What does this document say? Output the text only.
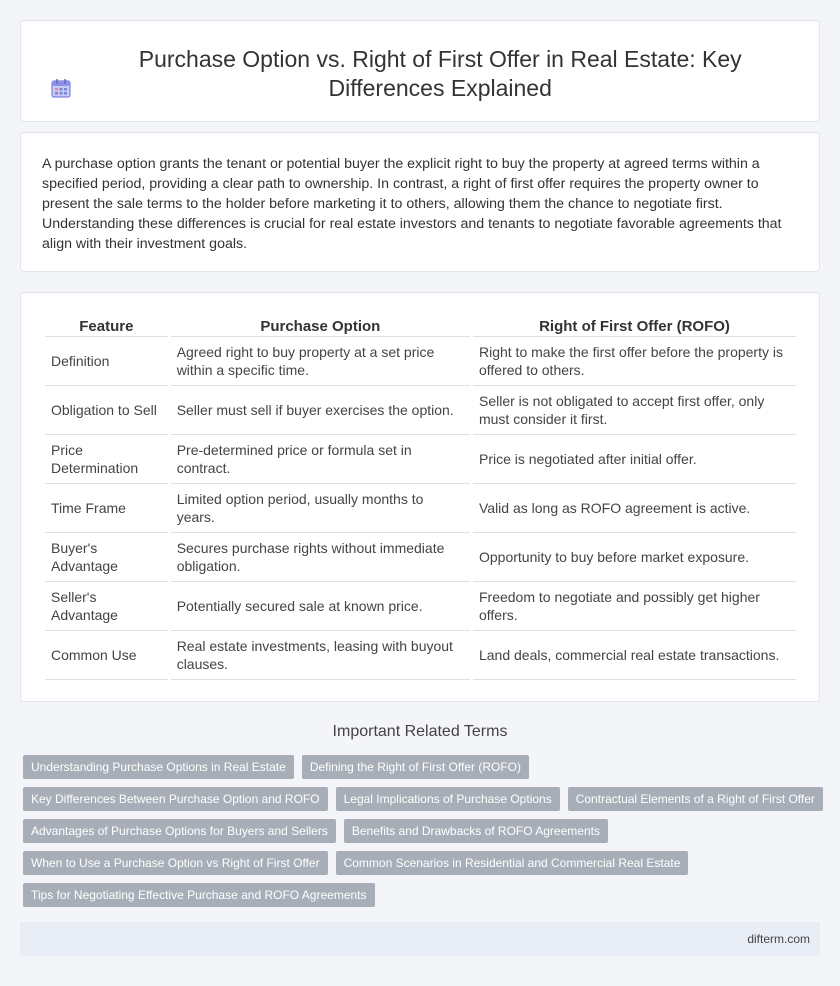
Purchase Option vs. Right of First Offer in Real Estate: Key Differences Explained

A purchase option grants the tenant or potential buyer the explicit right to buy the property at agreed terms within a specified period, providing a clear path to ownership. In contrast, a right of first offer requires the property owner to present the sale terms to the holder before marketing it to others, allowing them the chance to negotiate first. Understanding these differences is crucial for real estate investors and tenants to negotiate favorable agreements that align with their investment goals.

Feature	Purchase Option	Right of First Offer (ROFO)
Definition	Agreed right to buy property at a set price within a specific time.	Right to make the first offer before the property is offered to others.
Obligation to Sell	Seller must sell if buyer exercises the option.	Seller is not obligated to accept first offer, only must consider it first.
Price Determination	Pre-determined price or formula set in contract.	Price is negotiated after initial offer.
Time Frame	Limited option period, usually months to years.	Valid as long as ROFO agreement is active.
Buyer's Advantage	Secures purchase rights without immediate obligation.	Opportunity to buy before market exposure.
Seller's Advantage	Potentially secured sale at known price.	Freedom to negotiate and possibly get higher offers.
Common Use	Real estate investments, leasing with buyout clauses.	Land deals, commercial real estate transactions.
Important Related Terms
Understanding Purchase Options in Real Estate	Defining the Right of First Offer (ROFO)
Key Differences Between Purchase Option and ROFO	Legal Implications of Purchase Options	Contractual Elements of a Right of First Offer
Advantages of Purchase Options for Buyers and Sellers	Benefits and Drawbacks of ROFO Agreements
When to Use a Purchase Option vs Right of First Offer	Common Scenarios in Residential and Commercial Real Estate
Tips for Negotiating Effective Purchase and ROFO Agreements
difterm.com
